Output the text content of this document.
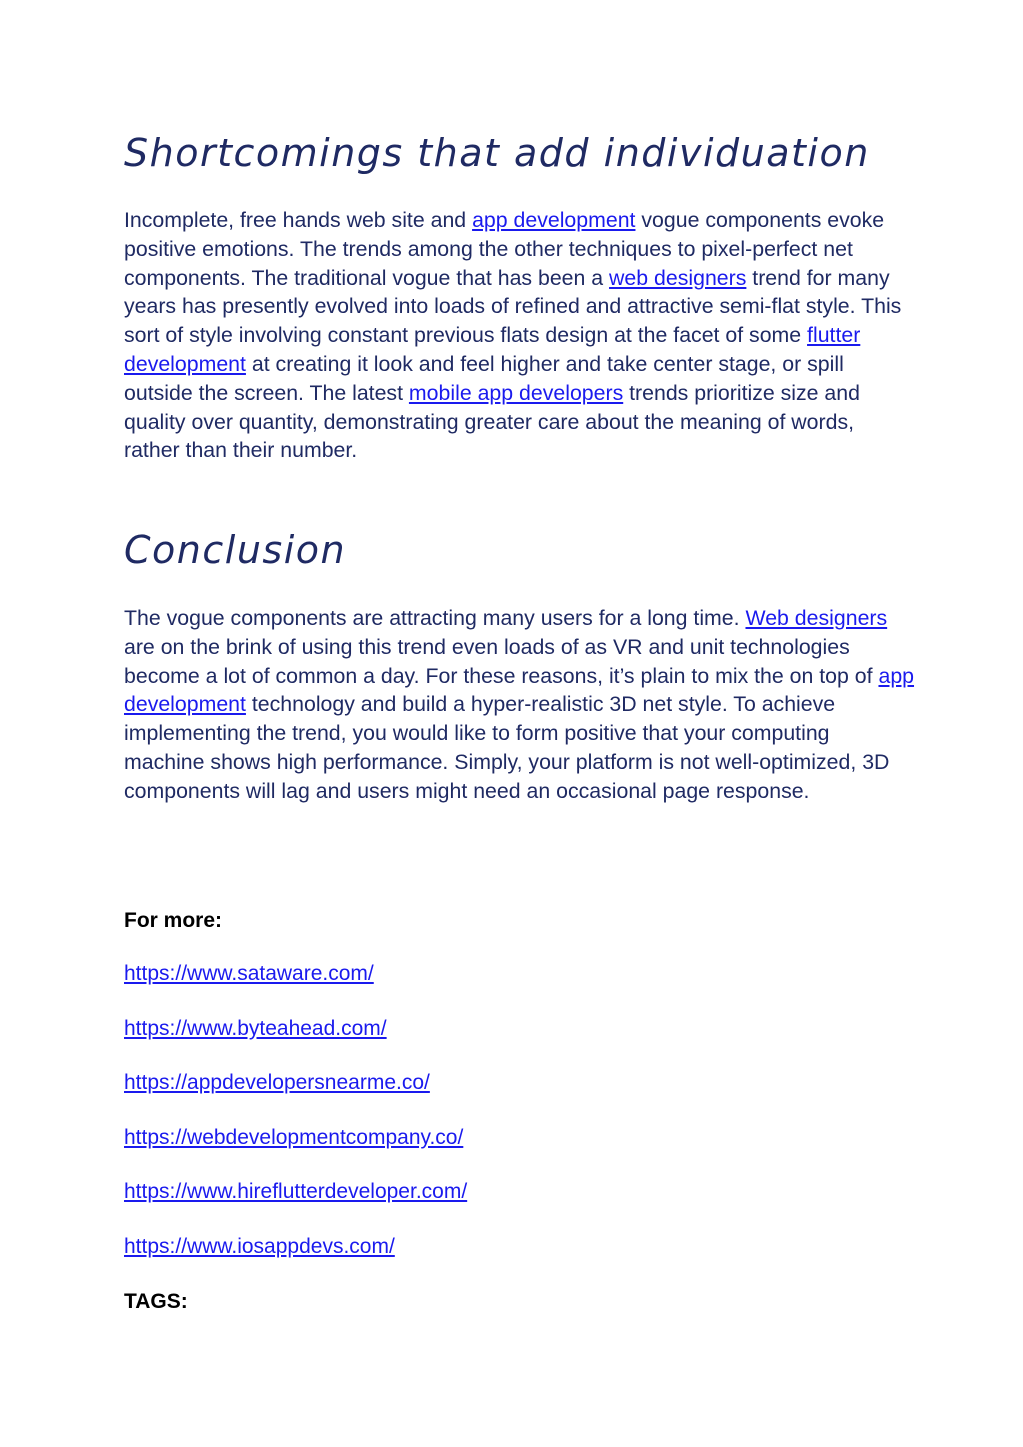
Shortcomings that add individuation

Incomplete, free hands web site and app development vogue components evoke positive emotions. The trends among the other techniques to pixel-perfect net components. The traditional vogue that has been a web designers trend for many years has presently evolved into loads of refined and attractive semi-flat style. This sort of style involving constant previous flats design at the facet of some flutter development at creating it look and feel higher and take center stage, or spill outside the screen. The latest mobile app developers trends prioritize size and quality over quantity, demonstrating greater care about the meaning of words, rather than their number.

Conclusion

The vogue components are attracting many users for a long time. Web designers are on the brink of using this trend even loads of as VR and unit technologies become a lot of common a day. For these reasons, it’s plain to mix the on top of app development technology and build a hyper-realistic 3D net style. To achieve implementing the trend, you would like to form positive that your computing machine shows high performance. Simply, your platform is not well-optimized, 3D components will lag and users might need an occasional page response.

For more:

https://www.sataware.com/
https://www.byteahead.com/
https://appdevelopersnearme.co/
https://webdevelopmentcompany.co/
https://www.hireflutterdeveloper.com/
https://www.iosappdevs.com/

TAGS:
